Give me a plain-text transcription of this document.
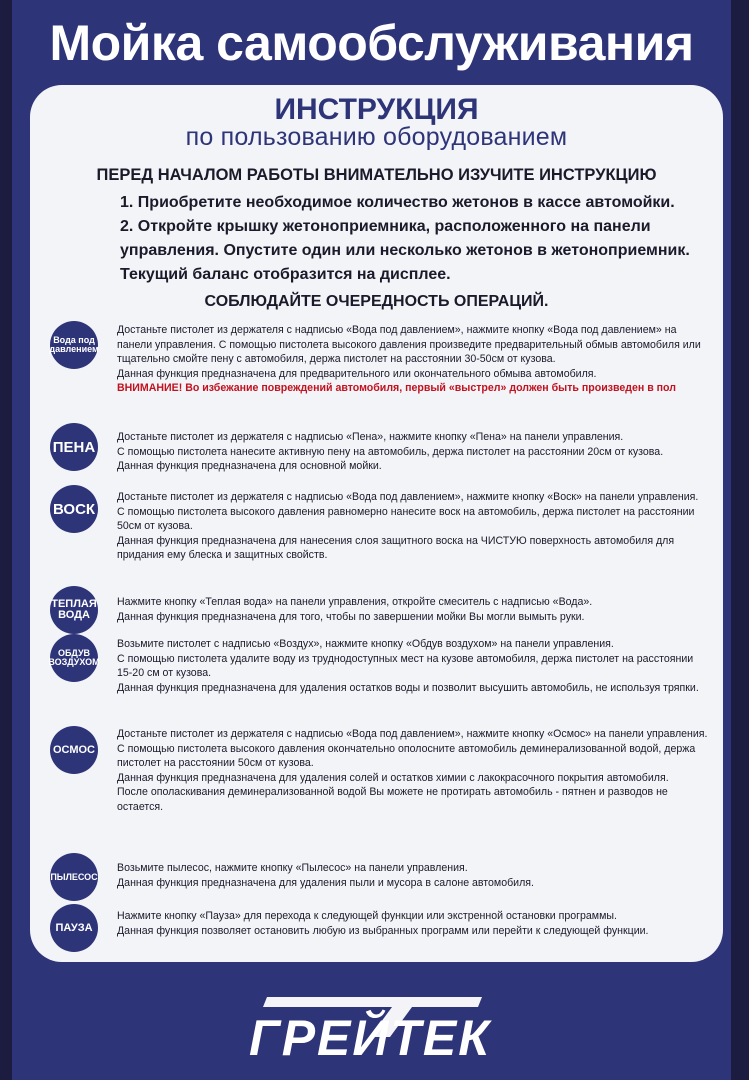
Мойка самообслуживания
ИНСТРУКЦИЯ
по пользованию оборудованием
ПЕРЕД НАЧАЛОМ РАБОТЫ ВНИМАТЕЛЬНО ИЗУЧИТЕ ИНСТРУКЦИЮ
1. Приобретите необходимое количество жетонов в кассе автомойки.
2. Откройте крышку жетоноприемника, расположенного на панели управления. Опустите один или несколько жетонов в жетоноприемник. Текущий баланс отобразится на дисплее.
СОБЛЮДАЙТЕ ОЧЕРЕДНОСТЬ ОПЕРАЦИЙ.
Вода под давлением

Достаньте пистолет из держателя с надписью «Вода под давлением», нажмите кнопку «Вода под давлением» на панели управления. С помощью пистолета высокого давления произведите предварительный обмыв автомобиля или тщательно смойте пену с автомобиля, держа пистолет на расстоянии 30-50см от кузова.

Данная функция предназначена для предварительного или окончательного обмыва автомобиля.

ВНИМАНИЕ! Во избежание повреждений автомобиля, первый «выстрел» должен быть произведен в пол

ПЕНА

Достаньте пистолет из держателя с надписью «Пена», нажмите кнопку «Пена» на панели управления.

С помощью пистолета нанесите активную пену на автомобиль, держа пистолет на расстоянии 20см от кузова.

Данная функция предназначена для основной мойки.

ВОСК

Достаньте пистолет из держателя с надписью «Вода под давлением», нажмите кнопку «Воск» на панели управления.

С помощью пистолета высокого давления равномерно нанесите воск на автомобиль, держа пистолет на расстоянии 50см от кузова.

Данная функция предназначена для нанесения слоя защитного воска на ЧИСТУЮ поверхность автомобиля для придания ему блеска и защитных свойств.

ТЕПЛАЯ ВОДА

Нажмите кнопку «Теплая вода» на панели управления, откройте смеситель с надписью «Вода».

Данная функция предназначена для того, чтобы по завершении мойки Вы могли вымыть руки.

ОБДУВ ВОЗДУХОМ

Возьмите пистолет с надписью «Воздух», нажмите кнопку «Обдув воздухом» на панели управления.

С помощью пистолета удалите воду из труднодоступных мест на кузове автомобиля, держа пистолет на расстоянии 15-20 см от кузова.

Данная функция предназначена для удаления остатков воды и позволит высушить автомобиль, не используя тряпки.

ОСМОС

Достаньте пистолет из держателя с надписью «Вода под давлением», нажмите кнопку «Осмос» на панели управления.

С помощью пистолета высокого давления окончательно ополосните автомобиль деминерализованной водой, держа пистолет на расстоянии 50см от кузова.

Данная функция предназначена для удаления солей и остатков химии с лакокрасочного покрытия автомобиля.

После ополаскивания деминерализованной водой Вы можете не протирать автомобиль - пятнен и разводов не остается.

ПЫЛЕСОС

Возьмите пылесос, нажмите кнопку «Пылесос» на панели управления.

Данная функция предназначена для удаления пыли и мусора в салоне автомобиля.

ПАУЗА

Нажмите кнопку «Пауза» для перехода к следующей функции или экстренной остановки программы.

Данная функция позволяет остановить любую из выбранных программ или перейти к следующей функции.

ГРЕЙТЕК
